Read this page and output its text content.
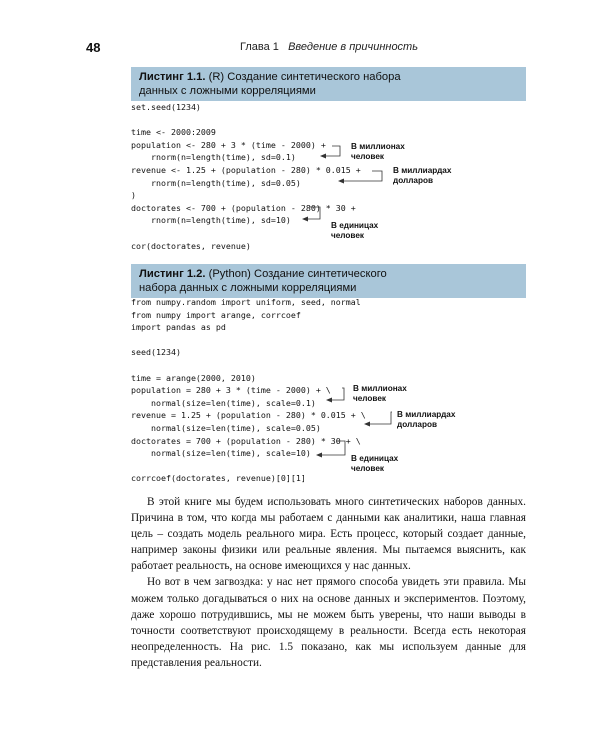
48	Глава 1 Введение в причинность
Листинг 1.1. (R) Создание синтетического набора
данных с ложными корреляциями
set.seed(1234)

time <- 2000:2009
population <- 280 + 3 * (time - 2000) +
rnorm(n=length(time), sd=0.1)
revenue <- 1.25 + (population - 280) * 0.015 +
rnorm(n=length(time), sd=0.05)
)
doctorates <- 700 + (population - 280) * 30 +
rnorm(n=length(time), sd=10)

cor(doctorates, revenue)
В миллионах
человек
В миллиардах
долларов
В единицах
человек
Листинг 1.2. (Python) Создание синтетического
набора данных с ложными корреляциями
from numpy.random import uniform, seed, normal
from numpy import arange, corrcoef
import pandas as pd

seed(1234)

time = arange(2000, 2010)
population = 280 + 3 * (time - 2000) + \
normal(size=len(time), scale=0.1)
revenue = 1.25 + (population - 280) * 0.015 + \
normal(size=len(time), scale=0.05)
doctorates = 700 + (population - 280) * 30 + \
normal(size=len(time), scale=10)

corrcoef(doctorates, revenue)[0][1]
В миллионах
человек
В миллиардах
долларов
В единицах
человек

В этой книге мы будем использовать много синтетических наборов данных. Причина в том, что когда мы работаем с данными как аналитики, наша главная цель – создать модель реального мира. Есть процесс, который создает данные, например законы физики или реальные явления. Мы пытаемся выяснить, как работает реальность, на основе имеющихся у нас данных.

Но вот в чем загвоздка: у нас нет прямого способа увидеть эти правила. Мы можем только догадываться о них на основе данных и экспериментов. Поэтому, даже хорошо потрудившись, мы не можем быть уверены, что наши выводы в точности соответствуют происходящему в реальности. Всегда есть некоторая неопределенность. На рис. 1.5 показано, как мы используем данные для представления реальности.
